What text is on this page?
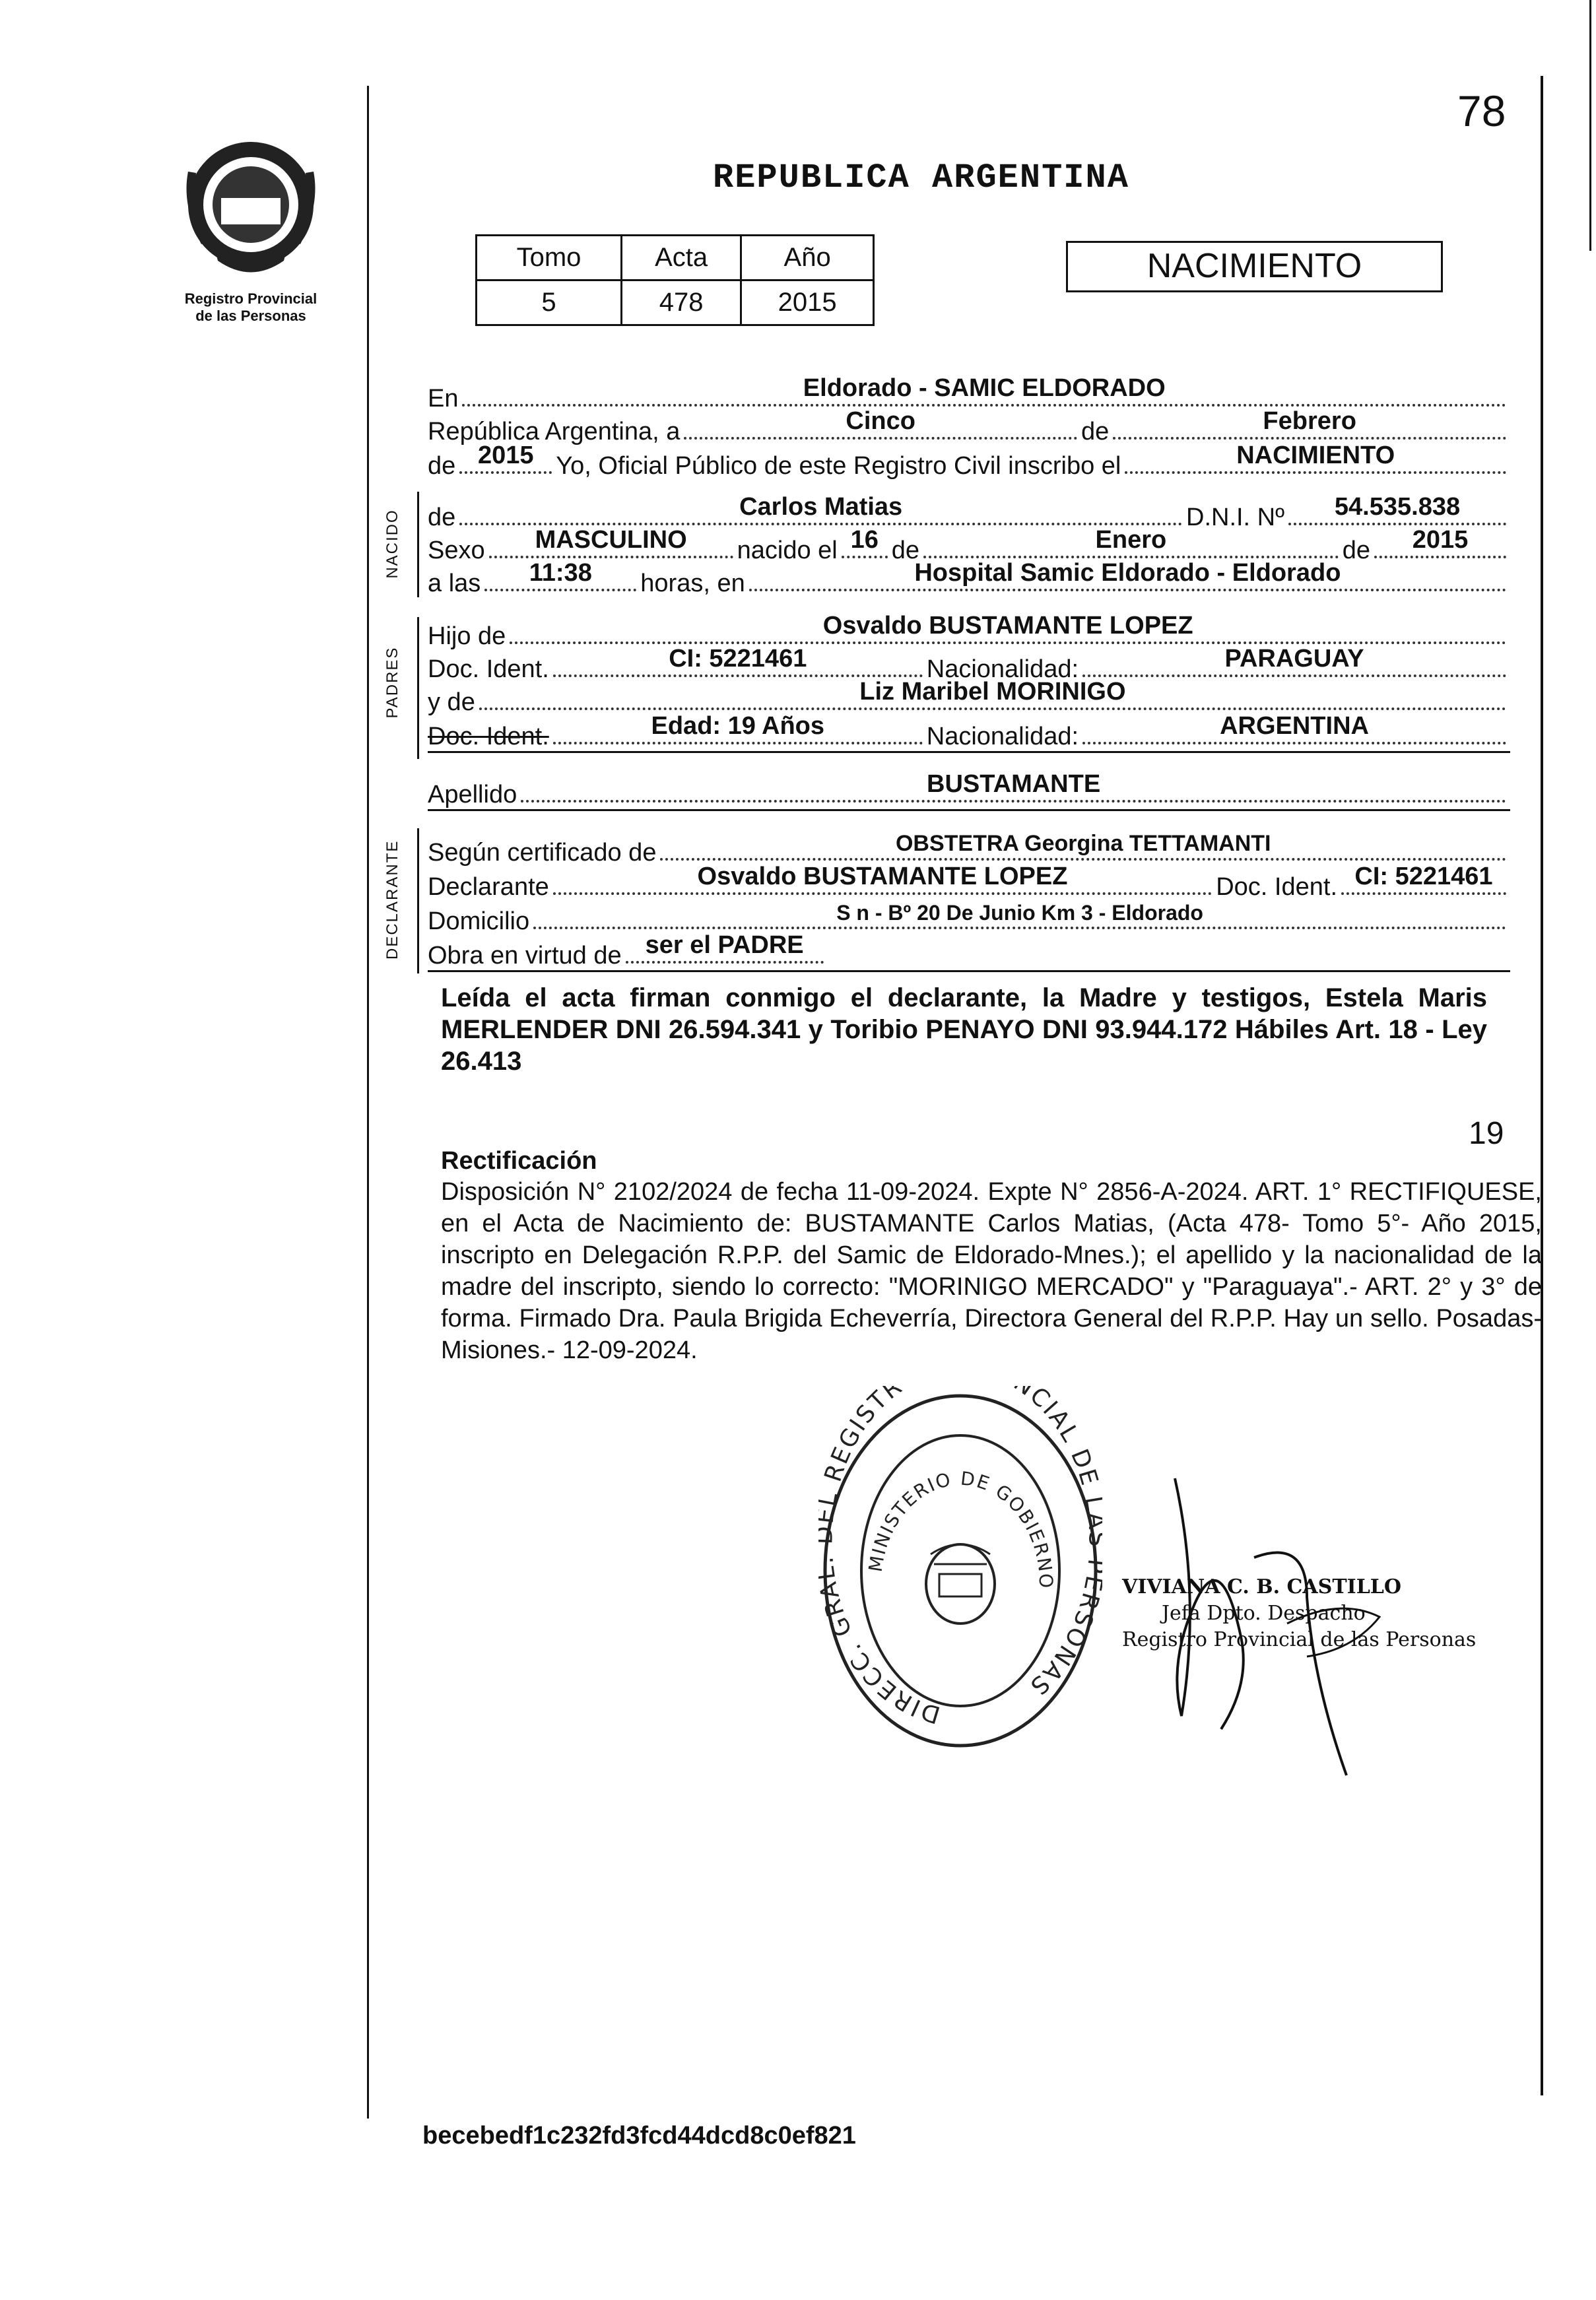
78
Registro Provincial
de las Personas
REPUBLICA ARGENTINA
Tomo	Acta	Año
5	478	2015
NACIMIENTO
En	Eldorado - SAMIC ELDORADO
República Argentina, a	Cinco	de	Febrero
de 2015 Yo, Oficial Público de este Registro Civil inscribo el	NACIMIENTO
NACIDO de	Carlos Matias	D.N.I. Nº	54.535.838
Sexo	MASCULINO	nacido el 16 de	Enero	de	2015
a las	11:38	horas, en	Hospital Samic Eldorado - Eldorado
PADRES
Hijo de	Osvaldo BUSTAMANTE LOPEZ
Doc. Ident.	CI: 5221461	Nacionalidad:	PARAGUAY
y de	Liz Maribel MORINIGO
Doc. Ident.	Edad: 19 Años	Nacionalidad:	ARGENTINA
Apellido	BUSTAMANTE
DECLARANTE Según certificado de	OBSTETRA Georgina TETTAMANTI
Declarante	Osvaldo BUSTAMANTE LOPEZ	Doc. Ident. CI: 5221461
Domicilio	S n - Bº 20 De Junio Km 3 - Eldorado
Obra en virtud de ser el PADRE
Leída el acta firman conmigo el declarante, la Madre y testigos, Estela Maris MERLENDER DNI 26.594.341 y Toribio PENAYO DNI 93.944.172 Hábiles Art. 18 - Ley 26.413
19
Rectificación
Disposición N° 2102/2024 de fecha 11-09-2024. Expte N° 2856-A-2024. ART. 1° RECTIFIQUESE, en el Acta de Nacimiento de: BUSTAMANTE Carlos Matias, (Acta 478- Tomo 5°- Año 2015, inscripto en Delegación R.P.P. del Samic de Eldorado-Mnes.); el apellido y la nacionalidad de la madre del inscripto, siendo lo correcto: "MORINIGO MERCADO" y "Paraguaya".- ART. 2° y 3° de forma. Firmado Dra. Paula Brigida Echeverría, Directora General del R.P.P. Hay un sello. Posadas- Misiones.- 12-09-2024.
DIRECC. GR REGISTR CIAL DE RSONAS
MINISTERIO DE GOBIERNO	VIVIANA C. B. CASTILLO
Jefa Dpto. Despacho
Registro Provincial de las Personas
becebedf1c232fd3fcd44dcd8c0ef821
